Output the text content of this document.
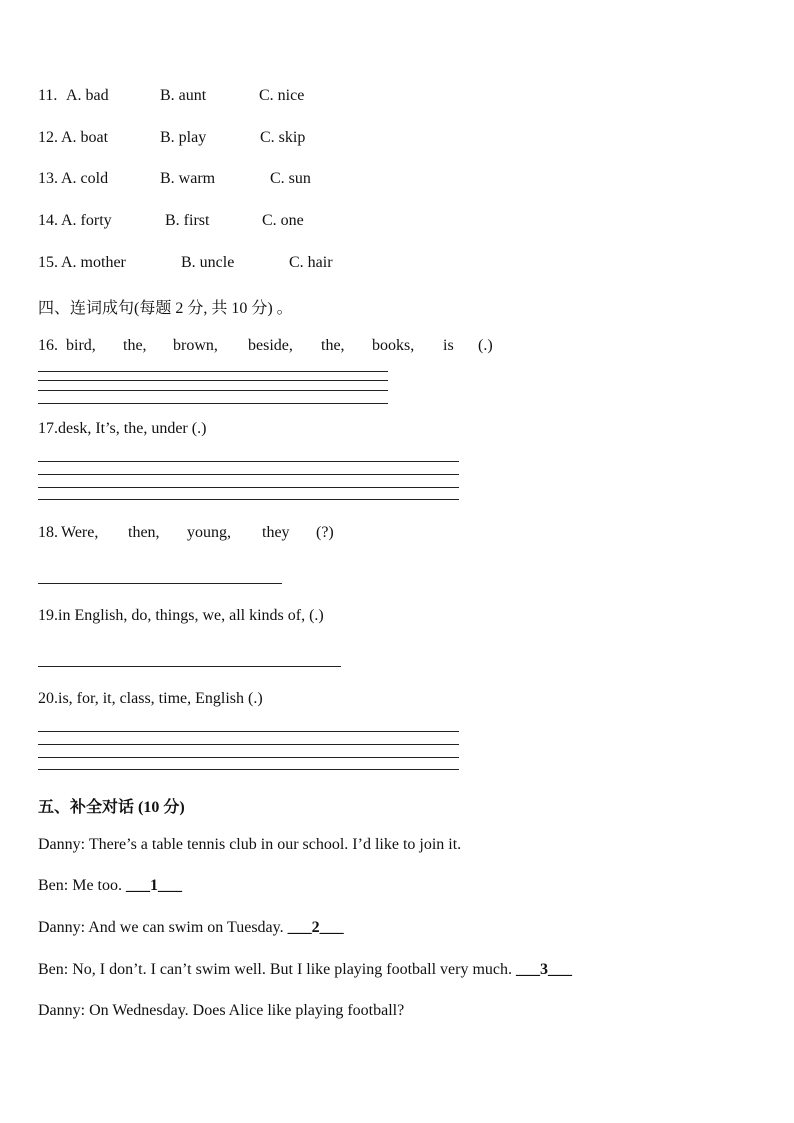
11. A. bad	B. aunt	C. nice
12. A. boat	B. play	C. skip
13. A. cold	B. warm	C. sun
14. A. forty	B. first	C. one
15. A. mother	B. uncle	C. hair
四、连词成句(每题 2 分, 共 10 分) 。
16. bird, the, brown, beside, the, books, is (.)
17.desk, It’s, the, under (.)
18. Were, then, young, they (?)
19.in English, do, things, we, all kinds of, (.)
20.is, for, it, class, time, English (.)
五、补全对话 (10 分)
Danny: There’s a table tennis club in our school. I’d like to join it.
Ben: Me too. ___1___
Danny: And we can swim on Tuesday. ___2___
Ben: No, I don’t. I can’t swim well. But I like playing football very much. ___3___
Danny: On Wednesday. Does Alice like playing football?
